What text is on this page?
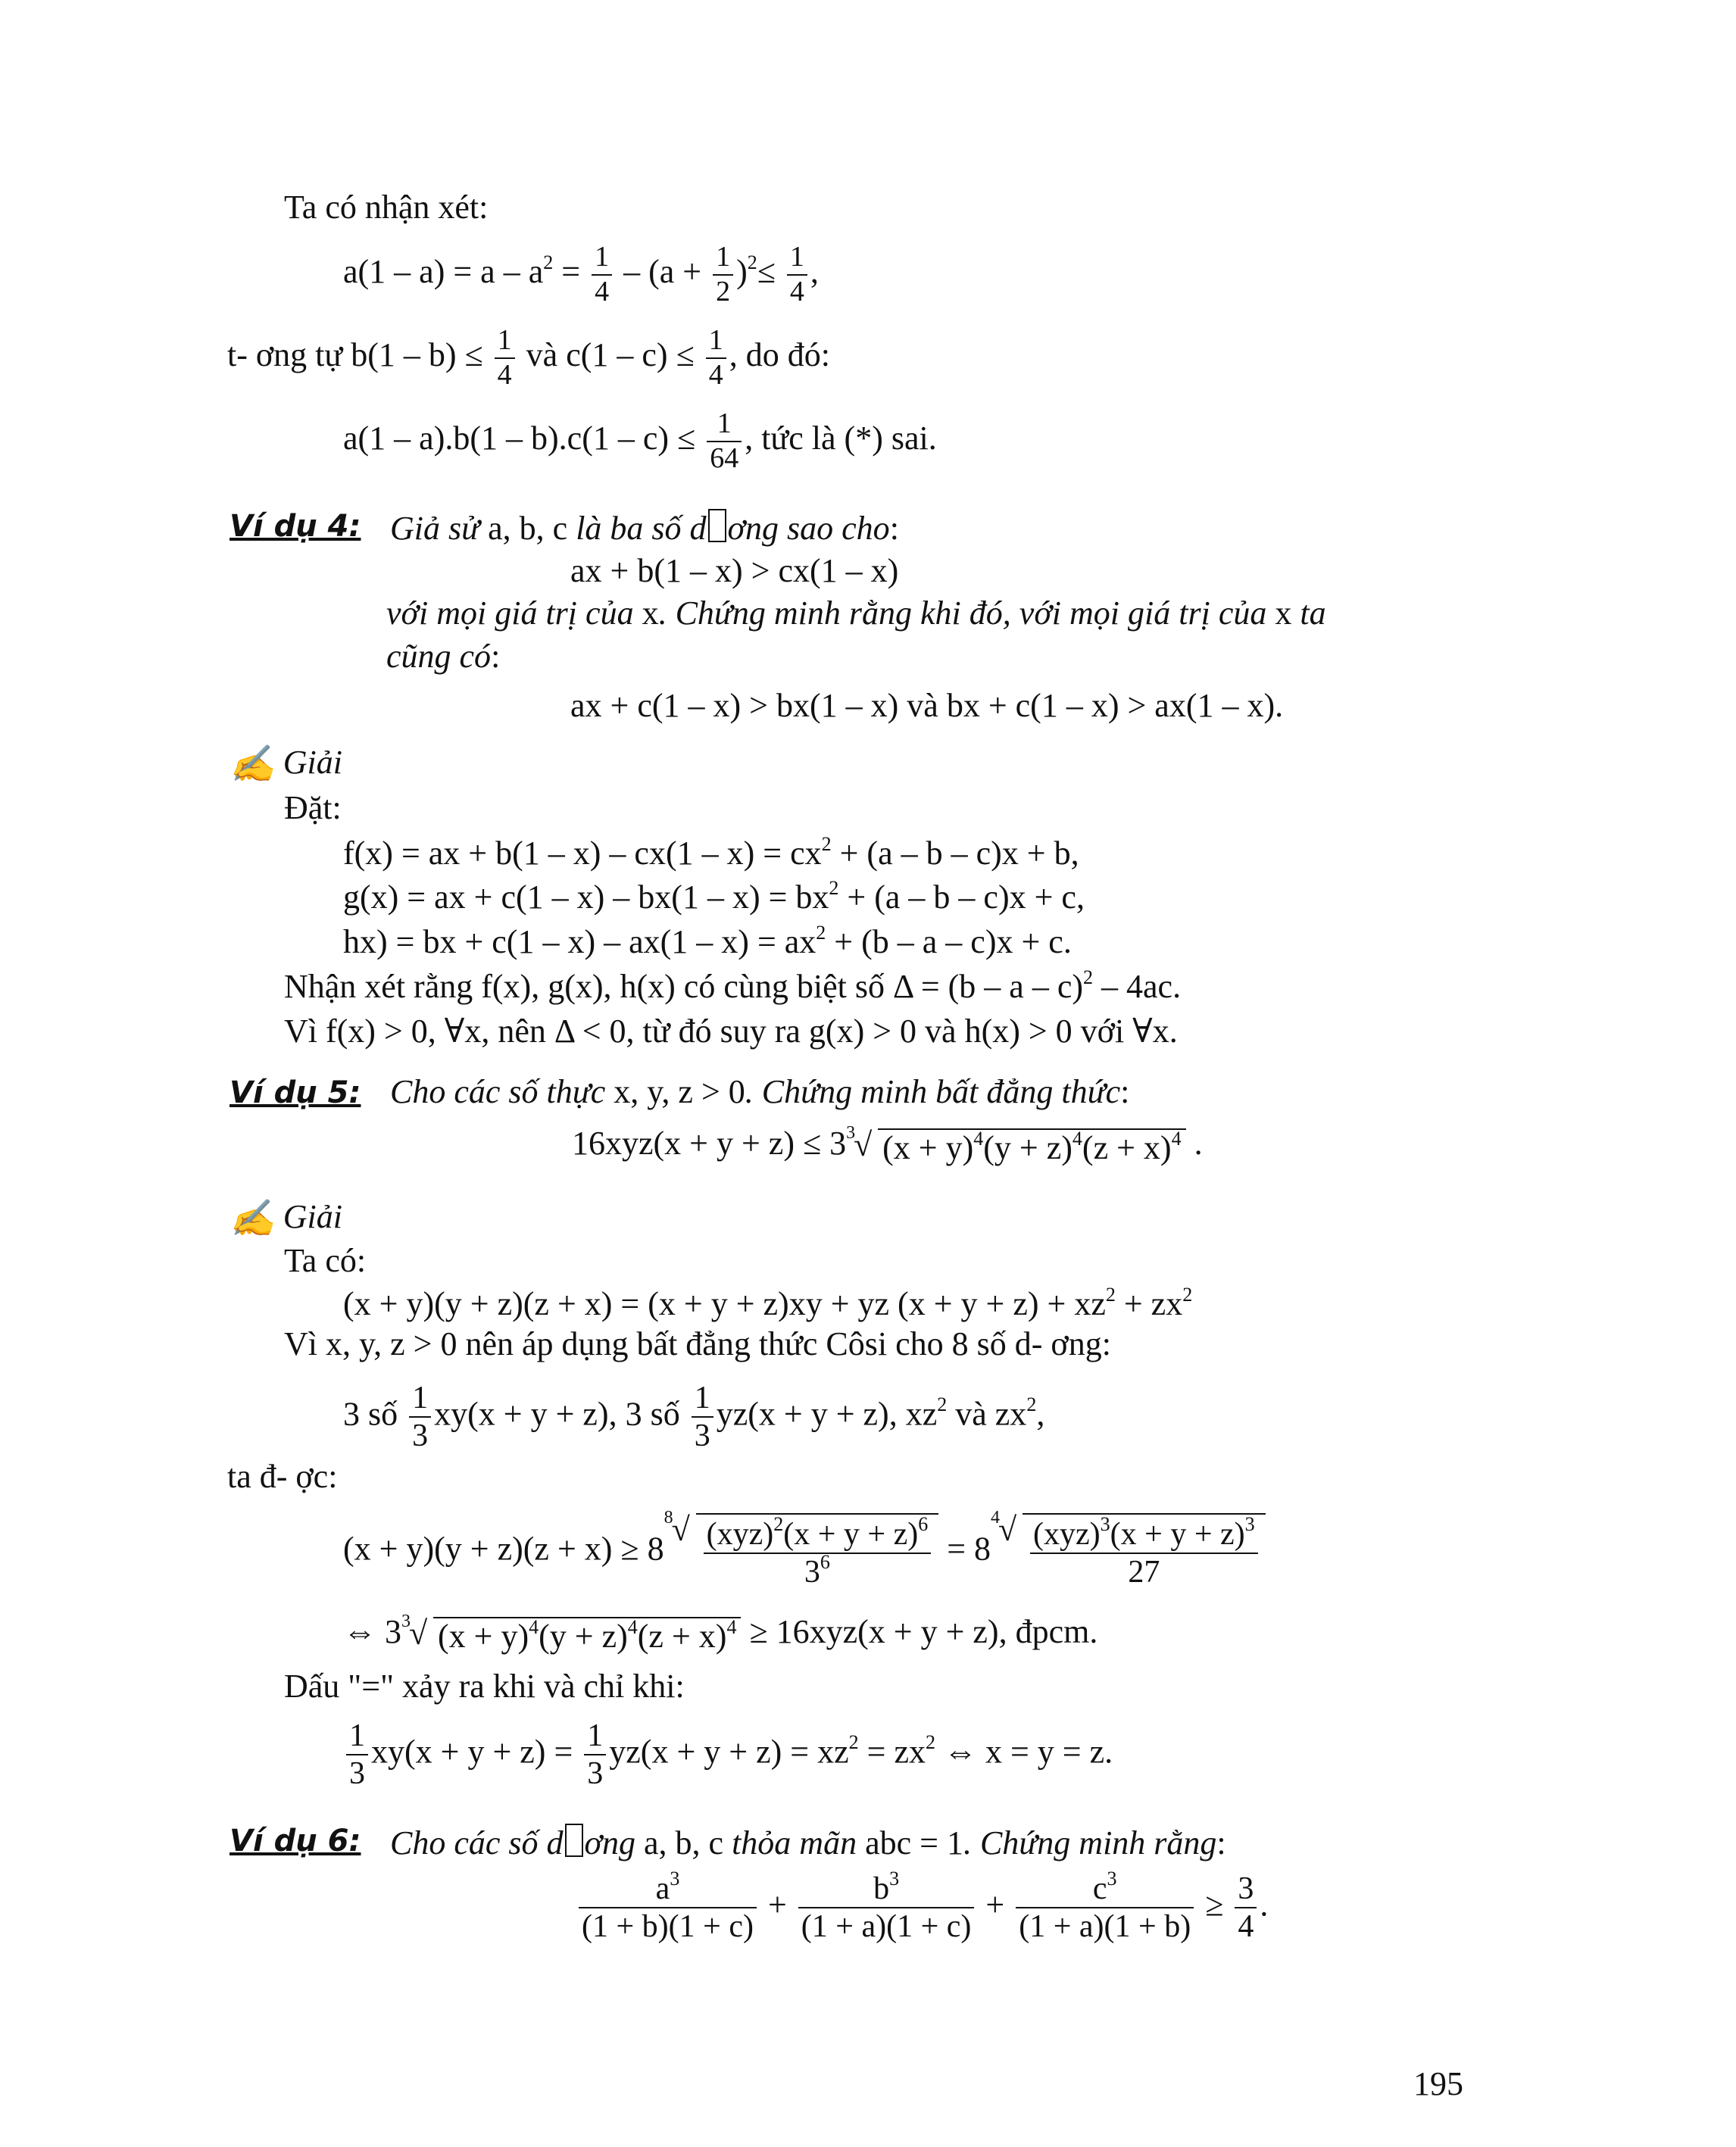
Ta có nhận xét:
$a(1 - a) = a - a^2 = \frac{1}{4} - (a + \frac{1}{2} )^2\le \frac{1}{4}$ ,
t- ơng tự $b(1 - b) \le \frac{1}{4}$ và $c(1 - c) \le \frac{1}{4}$ , do đó:
$a(1 - a).b(1 - b).c(1 - c) \le \frac{1}{64}$ , tức là (*) sai.
Ví dụ 4: Giả sử a, b, c là ba số d ơng sao cho:
ax + b(1 – x) > cx(1 – x)
với mọi giá trị của x. Chứng minh rằng khi đó, với mọi giá trị của x ta
cũng có:
ax + c(1 – x) > bx(1 – x) và bx + c(1 – x) > ax(1 – x).
✍ Giải
Đặt:
f(x) = ax + $b(1 - x) - cx(1 - x) = cx^2 + (a - b - c)x + b$,
g(x) = ax + $c(1 - x) - bx(1 - x) = bx^2 + (a - b - c)x + c$,
hx) = bx + $c(1 - x) - ax(1 - x) = ax^2 + (b - a - c)x + c$.
Nhận xét rằng f(x), g(x), h(x) có cùng biệt số Δ = (b – a – c)$^2$ – 4ac.
Vì f(x) > 0, ∀x, nên Δ < 0, từ đó suy ra g(x) > 0 và h(x) > 0 với ∀x.
Ví dụ 5: Cho các số thực x, y, z > 0. Chứng minh bất đẳng thức:
16xyz(x + y + z) ≤ 3 3
√ $(x + y)^4(y + z)^4(z + x)^4$ .
✍ Giải
Ta có:
(x + y)(y + z)(z + x) = (x + y + z)xy + yz $(x + y + z) + xz^2 + zx^2$
Vì x, y, z > 0 nên áp dụng bất đẳng thức Côsi cho 8 số d- ơng:
3 số $\frac{1}{3} xy(x + y + z)$, 3 số $\frac{1}{3} yz(x + y + z)$, $xz^2$ và $zx^2$,
ta đ- ợc:
(x + y)(y + z)(z + x) ≥ 8
8
√ $\frac{(xyz)^2(x + y + z)^6}{3^6} = 8$
4
√ $\frac{(xyz)^3(x + y + z)^3}{27}$
⇔ 3 3
√ $(x + y)^4(y + z)^4(z + x)^4 \ge 16xyz(x + y + z)$, đpcm.
Dấu "=" xảy ra khi và chỉ khi:
$\frac{1}{3} xy(x + y + z) = \frac{1}{3} yz(x + y + z) = xz^2 = zx^2$ ⇔ x = y = z.
Ví dụ 6: Cho các số d ơng a, b, c thỏa mãn abc = 1. Chứng minh rằng:
$\frac{a^3}{(1 + b)(1 + c)} + \frac{b^3}{(1 + a)(1 + c)} + \frac{c^3}{(1 + a)(1 + b)} \ge \frac{3}{4}$ .
195
